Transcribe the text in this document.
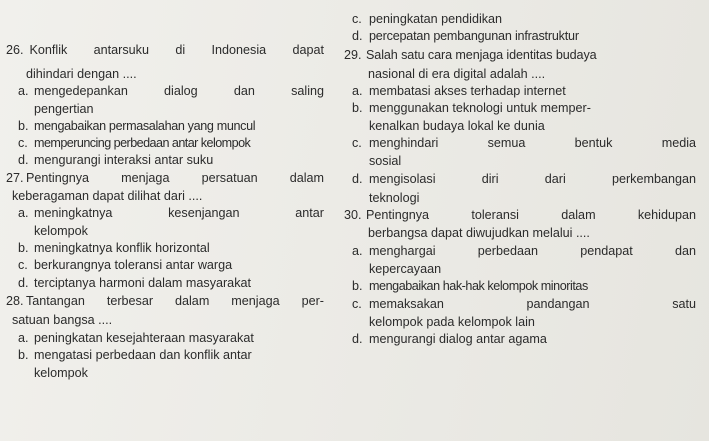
26. Konflik antarsuku di Indonesia dapat
dihindari dengan ....
a. mengedepankan dialog dan saling
pengertian
b. mengabaikan permasalahan yang muncul
c. memperuncing perbedaan antar kelompok
d. mengurangi interaksi antar suku
27. Pentingnya menjaga persatuan dalam
keberagaman dapat dilihat dari ....
a. meningkatnya kesenjangan antar
kelompok
b. meningkatnya konflik horizontal
c. berkurangnya toleransi antar warga
d. terciptanya harmoni dalam masyarakat
28. Tantangan terbesar dalam menjaga per-
satuan bangsa ....
a. peningkatan kesejahteraan masyarakat
b. mengatasi perbedaan dan konflik antar
kelompok
c. peningkatan pendidikan
d. percepatan pembangunan infrastruktur
29. Salah satu cara menjaga identitas budaya
nasional di era digital adalah ....
a. membatasi akses terhadap internet
b. menggunakan teknologi untuk memper-
kenalkan budaya lokal ke dunia
c. menghindari semua bentuk media
sosial
d. mengisolasi diri dari perkembangan
teknologi
30. Pentingnya toleransi dalam kehidupan
berbangsa dapat diwujudkan melalui ....
a. menghargai perbedaan pendapat dan
kepercayaan
b. mengabaikan hak-hak kelompok minoritas
c. memaksakan pandangan satu
kelompok pada kelompok lain
d. mengurangi dialog antar agama
